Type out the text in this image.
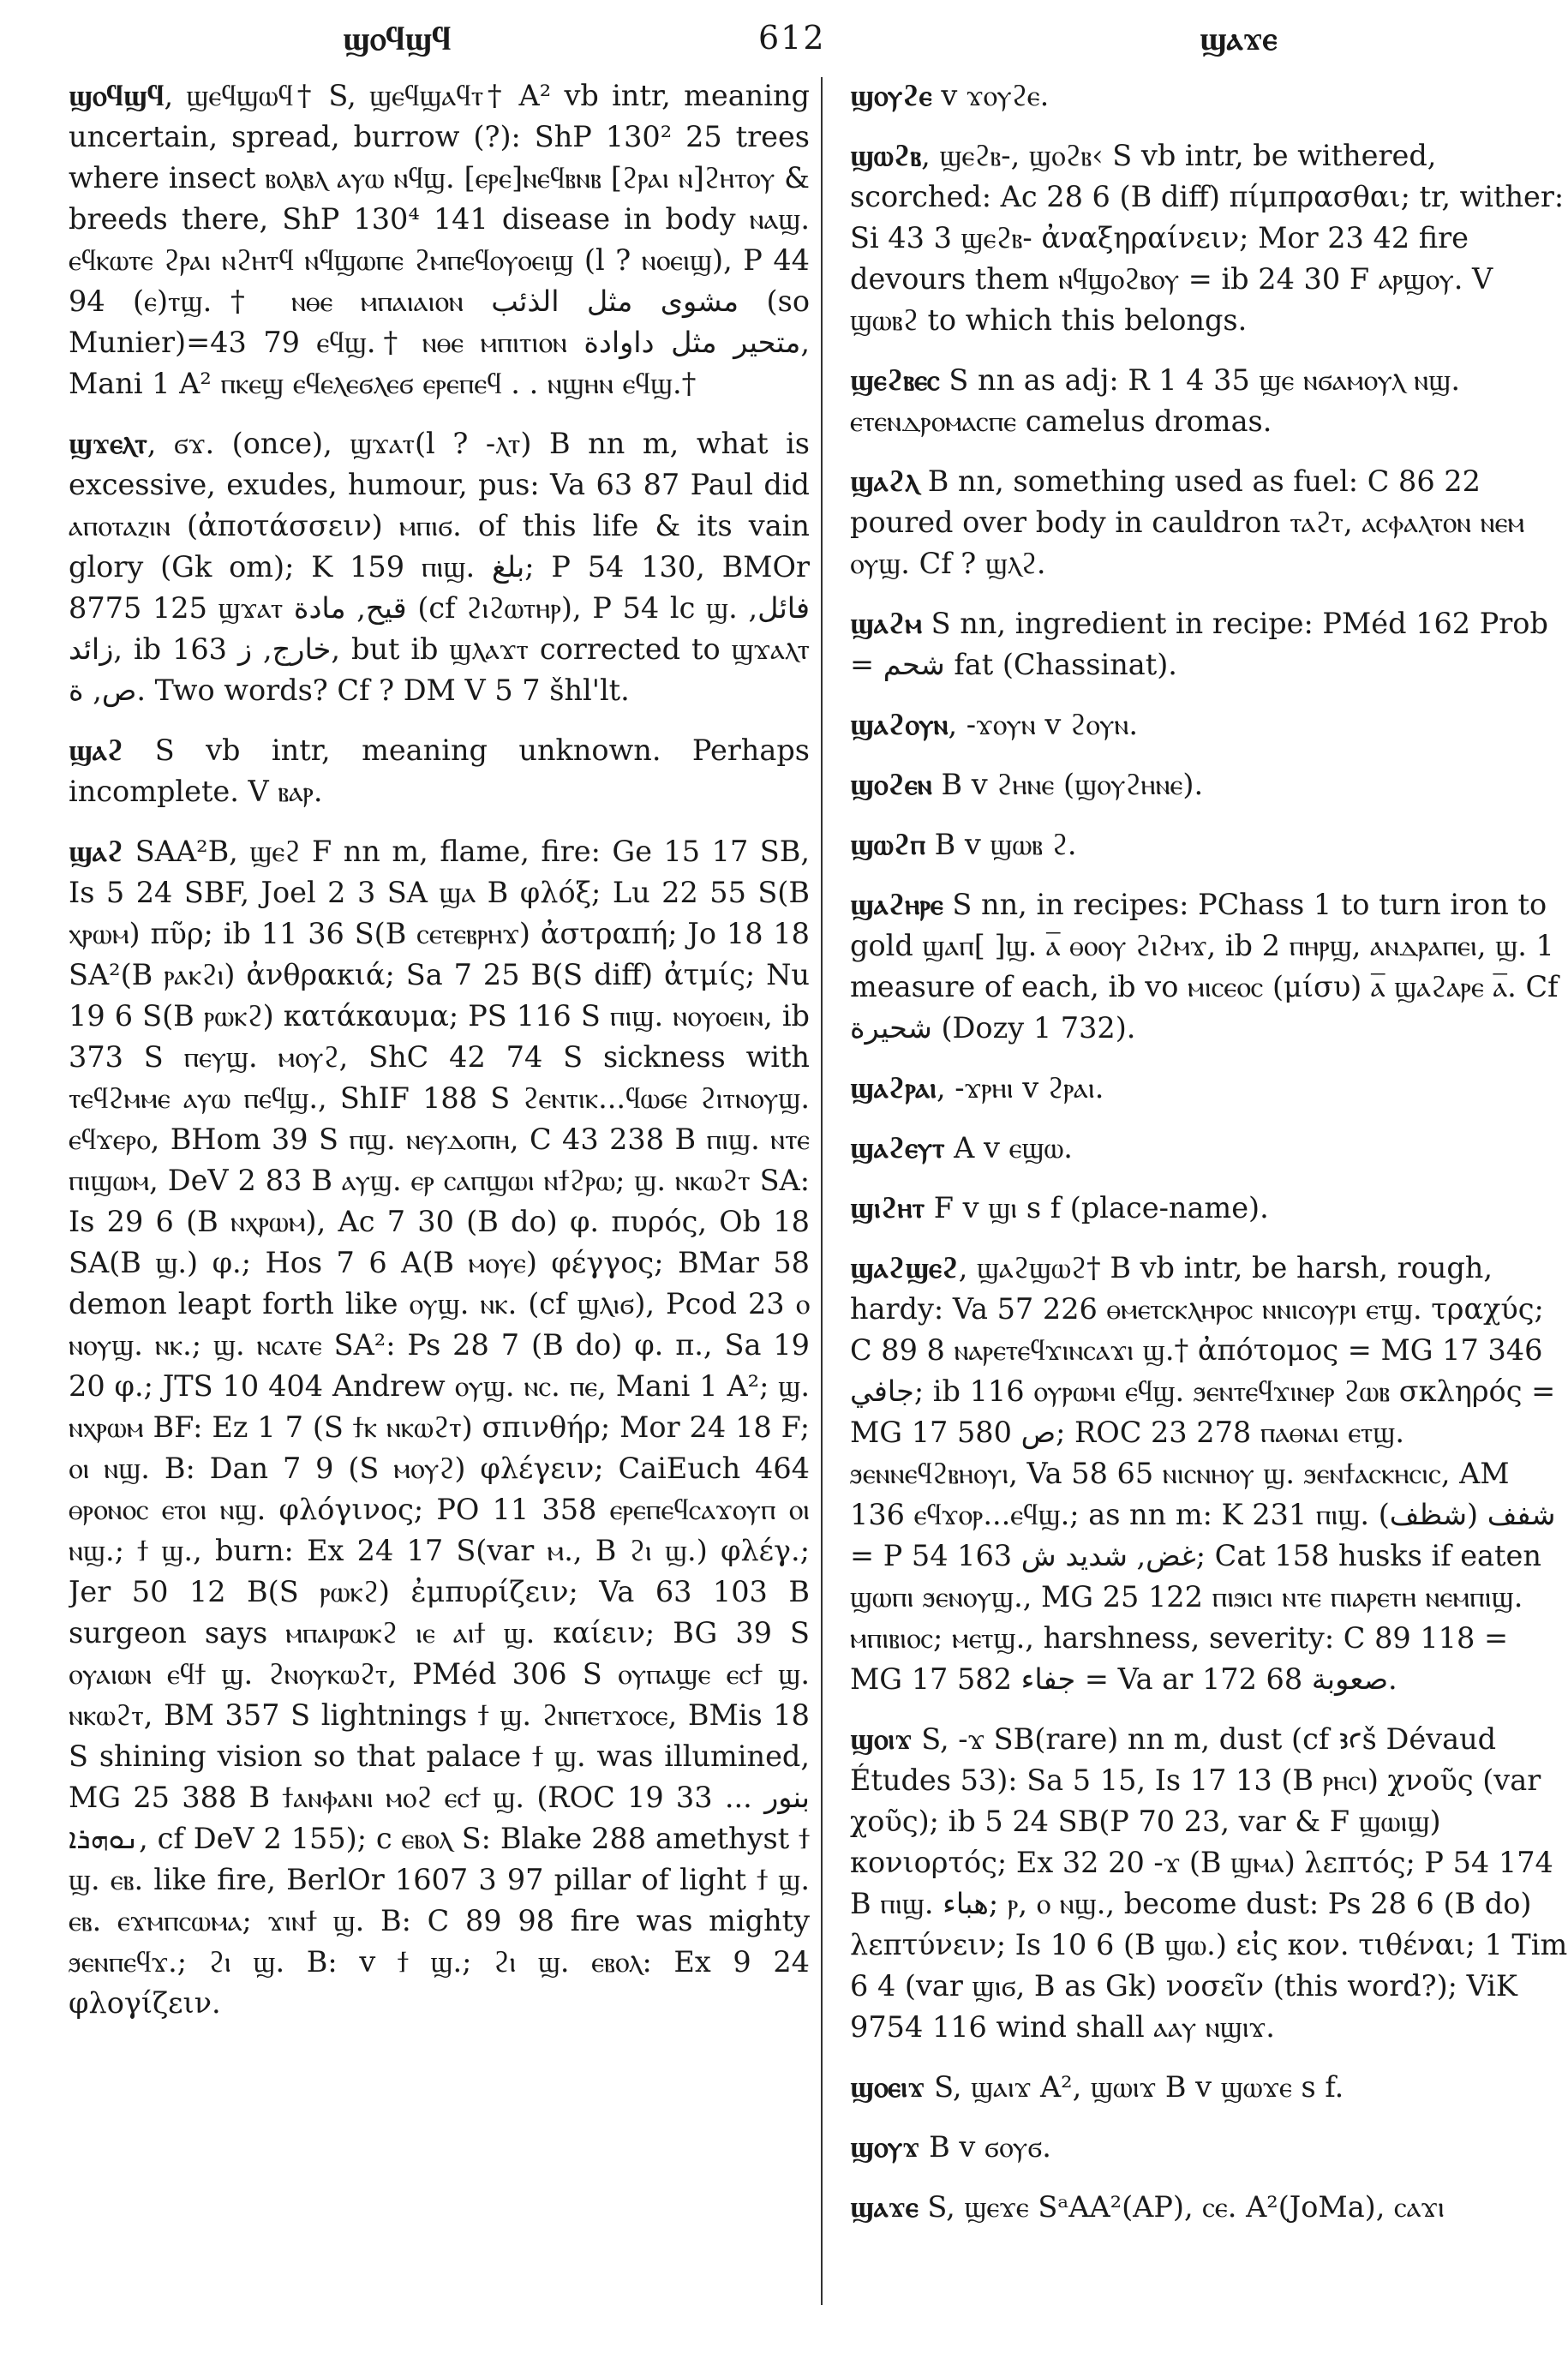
ϣⲟϥϣϥ	612	ϣⲁϫⲉ

ϣⲟϥϣϥ, ϣⲉϥϣⲱϥ† S, ϣⲉϥϣⲁϥⲧ† A² vb intr, meaning uncertain, spread, burrow (?): ShP 130² 25 trees where insect ⲃⲟⲗⲃⲗ ⲁⲩⲱ ⲛϥϣ. [ⲉⲣⲉ]ⲛⲉϥⲃⲛⲃ [ϩⲣⲁⲓ ⲛ]ϩⲏⲧⲟⲩ & breeds there, ShP 130⁴ 141 disease in body ⲛⲁϣ. ⲉϥⲕⲱⲧⲉ ϩⲣⲁⲓ ⲛϩⲏⲧϥ ⲛϥϣⲱⲡⲉ ϩⲙⲡⲉϥⲟⲩⲟⲉⲓϣ (l ? ⲛⲟⲉⲓϣ), P 44 94 (ⲉ)ⲧϣ.† ⲛⲑⲉ ⲙⲡⲁⲓⲁⲓⲟⲛ مشوى مثل الذئب (so Munier)=43 79 ⲉϥϣ.† ⲛⲑⲉ ⲙⲡⲓⲧⲓⲟⲛ متحير مثل داوادة, Mani 1 A² ⲡⲕⲉϣ ⲉϥⲉⲗⲉϭⲗⲉϭ ⲉⲣⲉⲡⲉϥ . . ⲛϣⲏⲛ ⲉϥϣ.†

ϣϫⲉⲗⲧ, ϭϫ. (once), ϣϫⲁⲧ(l ? -ⲗⲧ) B nn m, what is excessive, exudes, humour, pus: Va 63 87 Paul did ⲁⲡⲟⲧⲁⲍⲓⲛ (ἀποτάσσειν) ⲙⲡⲓϭ. of this life & its vain glory (Gk om); K 159 ⲡⲓϣ. بلغ; P 54 130, BMOr 8775 125 ϣϫⲁⲧ قيح, مادة (cf ϩⲓϩⲱⲧⲏⲣ), P 54 lc ϣ. فائل, زائد, ib 163 خارج, ز, but ib ϣⲗⲁϫⲧ corrected to ϣϫⲁⲗⲧ ص, ة. Two words? Cf ? DM V 5 7 šhl'lt.

ϣⲁϩ S vb intr, meaning unknown. Perhaps incomplete. V ⲃⲁⲣ.

ϣⲁϩ SAA²B, ϣⲉϩ F nn m, flame, fire: Ge 15 17 SB, Is 5 24 SBF, Joel 2 3 SA ϣⲁ B φλόξ; Lu 22 55 S(B ⲭⲣⲱⲙ) πῦρ; ib 11 36 S(B ⲥⲉⲧⲉⲃⲣⲏϫ) ἀστραπή; Jo 18 18 SA²(B ⲣⲁⲕϩⲓ) ἀνθρακιά; Sa 7 25 B(S diff) ἀτμίς; Nu 19 6 S(B ⲣⲱⲕϩ) κατάκαυμα; PS 116 S ⲡⲓϣ. ⲛⲟⲩⲟⲉⲓⲛ, ib 373 S ⲡⲉⲩϣ. ⲙⲟⲩϩ, ShC 42 74 S sickness with ⲧⲉϥϩⲙⲙⲉ ⲁⲩⲱ ⲡⲉϥϣ., ShIF 188 S ϩⲉⲛⲧⲓⲕ...ϥⲱϭⲉ ϩⲓⲧⲛⲟⲩϣ. ⲉϥϫⲉⲣⲟ, BHom 39 S ⲡϣ. ⲛⲉⲩⲇⲟⲡⲏ, C 43 238 B ⲡⲓϣ. ⲛⲧⲉ ⲡⲓϣⲱⲙ, DeV 2 83 B ⲁⲩϣ. ⲉⲣ ⲥⲁⲡϣⲱⲓ ⲛϯϩⲣⲱ; ϣ. ⲛⲕⲱϩⲧ SA: Is 29 6 (B ⲛⲭⲣⲱⲙ), Ac 7 30 (B do) φ. πυρός, Ob 18 SA(B ϣ.) φ.; Hos 7 6 A(B ⲙⲟⲩⲉ) φέγγος; BMar 58 demon leapt forth like ⲟⲩϣ. ⲛⲕ. (cf ϣⲗⲓϭ), Pcod 23 ⲟ ⲛⲟⲩϣ. ⲛⲕ.; ϣ. ⲛⲥⲁⲧⲉ SA²: Ps 28 7 (B do) φ. π., Sa 19 20 φ.; JTS 10 404 Andrew ⲟⲩϣ. ⲛⲥ. ⲡⲉ, Mani 1 A²; ϣ. ⲛⲭⲣⲱⲙ BF: Ez 1 7 (S ϯⲕ ⲛⲕⲱϩⲧ) σπινθήρ; Mor 24 18 F; ⲟⲓ ⲛϣ. B: Dan 7 9 (S ⲙⲟⲩϩ) φλέγειν; CaiEuch 464 ⲑⲣⲟⲛⲟⲥ ⲉⲧⲟⲓ ⲛϣ. φλόγινος; PO 11 358 ⲉⲣⲉⲡⲉϥⲥⲁϫⲟⲩⲡ ⲟⲓ ⲛϣ.; ϯ ϣ., burn: Ex 24 17 S(var ⲙ., B ϩⲓ ϣ.) φλέγ.; Jer 50 12 B(S ⲣⲱⲕϩ) ἐμπυρίζειν; Va 63 103 B surgeon says ⲙⲡⲁⲓⲣⲱⲕϩ ⲓⲉ ⲁⲓϯ ϣ. καίειν; BG 39 S ⲟⲩⲁⲓⲱⲛ ⲉϥϯ ϣ. ϩⲛⲟⲩⲕⲱϩⲧ, PMéd 306 S ⲟⲩⲡⲁϣⲉ ⲉⲥϯ ϣ. ⲛⲕⲱϩⲧ, BM 357 S lightnings ϯ ϣ. ϩⲛⲡⲉⲧϫⲟⲥⲉ, BMis 18 S shining vision so that palace ϯ ϣ. was illumined, MG 25 388 B ϯⲁⲛⲫⲁⲛⲓ ⲙⲟϩ ⲉⲥϯ ϣ. (ROC 19 33 بنور ... ܢܘܗܪܐ, cf DeV 2 155); ϲ ⲉⲃⲟⲗ S: Blake 288 amethyst ϯ ϣ. ⲉⲃ. like fire, BerlOr 1607 3 97 pillar of light ϯ ϣ. ⲉⲃ. ⲉϫⲙⲡⲥⲱⲙⲁ; ϫⲓⲛϯ ϣ. B: C 89 98 fire was mighty ϧⲉⲛⲡⲉϥϫ.; ϩⲓ ϣ. B: v ϯ ϣ.; ϩⲓ ϣ. ⲉⲃⲟⲗ: Ex 9 24 φλογίζειν.

ϣⲟⲩϩⲉ v ϫⲟⲩϩⲉ.

ϣⲱϩⲃ, ϣⲉϩⲃ-, ϣⲟϩⲃ‹ S vb intr, be withered, scorched: Ac 28 6 (B diff) πίμπρασθαι; tr, wither: Si 43 3 ϣⲉϩⲃ- ἀναξηραίνειν; Mor 23 42 fire devours them ⲛϥϣⲟϩⲃⲟⲩ = ib 24 30 F ⲁⲣϣⲟⲩ. V ϣⲱⲃϩ to which this belongs.

ϣⲉϩⲃⲉⲥ S nn as adj: R 1 4 35 ϣⲉ ⲛϭⲁⲙⲟⲩⲗ ⲛϣ. ⲉⲧⲉⲛⲇⲣⲟⲙⲁⲥⲡⲉ camelus dromas.

ϣⲁϩⲗ B nn, something used as fuel: C 86 22 poured over body in cauldron ⲧⲁϩⲧ, ⲁⲥⲫⲁⲗⲧⲟⲛ ⲛⲉⲙ ⲟⲩϣ. Cf ? ϣⲗϩ.

ϣⲁϩⲙ S nn, ingredient in recipe: PMéd 162 Prob = شحم fat (Chassinat).

ϣⲁϩⲟⲩⲛ, -ϫⲟⲩⲛ v ϩⲟⲩⲛ.

ϣⲟϩⲉⲛ B v ϩⲏⲛⲉ (ϣⲟⲩϩⲏⲛⲉ).

ϣⲱϩⲡ B v ϣⲱⲃ ϩ.

ϣⲁϩⲏⲣⲉ S nn, in recipes: PChass 1 to turn iron to gold ϣⲁⲡ[ ]ϣ. ⲁ̅ ⲑⲟⲟⲩ ϩⲓϩⲙϫ, ib 2 ⲡⲏⲣϣ, ⲁⲛⲇⲣⲁⲡⲉⲓ, ϣ. 1 measure of each, ib vo ⲙⲓⲥⲉⲟⲥ (μίσυ) ⲁ̅ ϣⲁϩⲁⲣⲉ ⲁ̅. Cf شحيرة (Dozy 1 732).

ϣⲁϩⲣⲁⲓ, -ϫⲣⲏⲓ v ϩⲣⲁⲓ.

ϣⲁϩⲉⲩⲧ A v ⲉϣⲱ.

ϣⲓϩⲏⲧ F v ϣⲓ s f (place-name).

ϣⲁϩϣⲉϩ, ϣⲁϩϣⲱϩ† B vb intr, be harsh, rough, hardy: Va 57 226 ⲑⲙⲉⲧⲥⲕⲗⲏⲣⲟⲥ ⲛⲛⲓⲥⲟⲩⲣⲓ ⲉⲧϣ. τραχύς; C 89 8 ⲛⲁⲣⲉⲧⲉϥϫⲓⲛⲥⲁϫⲓ ϣ.† ἀπότομος = MG 17 346 جافي; ib 116 ⲟⲩⲣⲱⲙⲓ ⲉϥϣ. ϧⲉⲛⲧⲉϥϫⲓⲛⲉⲣ ϩⲱⲃ σκληρός = MG 17 580 ص; ROC 23 278 ⲡⲁⲑⲛⲁⲓ ⲉⲧϣ. ϧⲉⲛⲛⲉϥϩⲃⲏⲟⲩⲓ, Va 58 65 ⲛⲓⲥⲛⲏⲟⲩ ϣ. ϧⲉⲛϯⲁⲥⲕⲏⲥⲓⲥ, AM 136 ⲉϥϫⲟⲣ...ⲉϥϣ.; as nn m: K 231 ⲡⲓϣ. (شظف) شفف = P 54 163 غض, شديد ش; Cat 158 husks if eaten ϣⲱⲡⲓ ϧⲉⲛⲟⲩϣ., MG 25 122 ⲡⲓϧⲓⲥⲓ ⲛⲧⲉ ⲡⲓⲁⲣⲉⲧⲏ ⲛⲉⲙⲡⲓϣ. ⲙⲡⲓⲃⲓⲟⲥ; ⲙⲉⲧϣ., harshness, severity: C 89 118 = MG 17 582 جفاء = Va ar 172 68 صعوبة.

ϣⲟⲓϫ S, -ϫ SB(rare) nn m, dust (cf ꜣꜥš Dévaud Études 53): Sa 5 15, Is 17 13 (B ⲣⲏⲥⲓ) χνοῦς (var χοῦς); ib 5 24 SB(P 70 23, var & F ϣⲱⲓϣ) κονιορτός; Ex 32 20 -ϫ (B ϣⲙⲁ) λεπτός; P 54 174 B ⲡⲓϣ. هباء; ⲣ, ⲟ ⲛϣ., become dust: Ps 28 6 (B do) λεπτύνειν; Is 10 6 (B ϣⲱ.) εἰς κον. τιθέναι; 1 Tim 6 4 (var ϣⲓϭ, B as Gk) νοσεῖν (this word?); ViK 9754 116 wind shall ⲁⲁⲩ ⲛϣⲓϫ.

ϣⲟⲉⲓϫ S, ϣⲁⲓϫ A², ϣⲱⲓϫ B v ϣⲱϫⲉ s f.

ϣⲟⲩϫ B v ϭⲟⲩϭ.

ϣⲁϫⲉ S, ϣⲉϫⲉ SᵃAA²(AP), ⲥⲉ. A²(JoMa), ⲥⲁϫⲓ
